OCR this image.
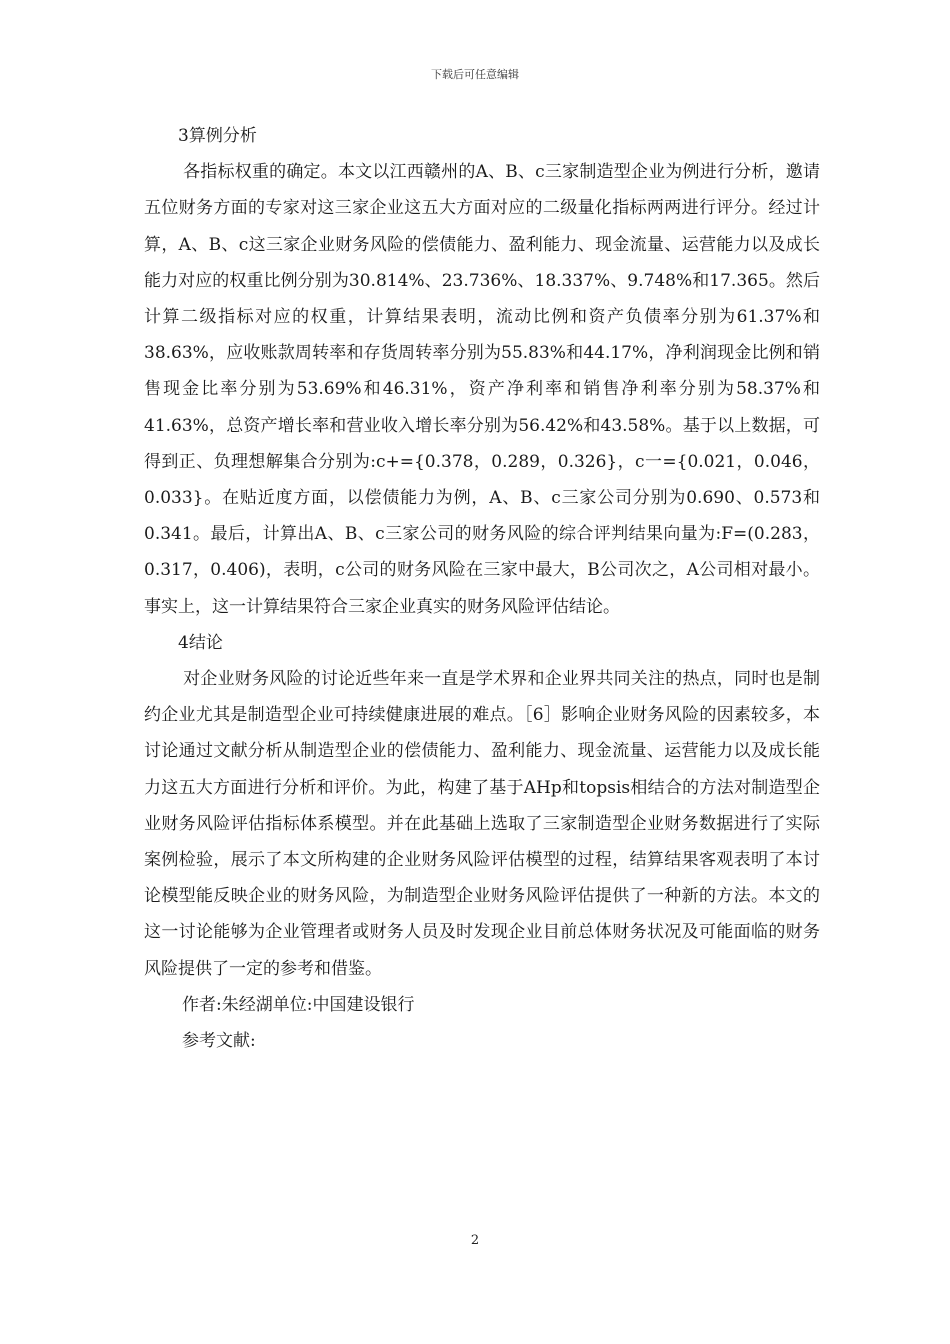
下载后可任意编辑

3算例分析

各指标权重的确定。本文以江西赣州的A、B、c三家制造型企业为例进行分析，邀请五位财务方面的专家对这三家企业这五大方面对应的二级量化指标两两进行评分。经过计算，A、B、c这三家企业财务风险的偿债能力、盈利能力、现金流量、运营能力以及成长能力对应的权重比例分别为30.814%、23.736%、18.337%、9.748%和17.365。然后计算二级指标对应的权重，计算结果表明，流动比例和资产负债率分别为61.37%和38.63%，应收账款周转率和存货周转率分别为55.83%和44.17%，净利润现金比例和销售现金比率分别为53.69%和46.31%，资产净利率和销售净利率分别为58.37%和41.63%，总资产增长率和营业收入增长率分别为56.42%和43.58%。基于以上数据，可得到正、负理想解集合分别为:c+={0.378，0.289，0.326}，c一={0.021，0.046，0.033}。在贴近度方面，以偿债能力为例，A、B、c三家公司分别为0.690、0.573和0.341。最后，计算出A、B、c三家公司的财务风险的综合评判结果向量为:F=(0.283，0.317，0.406)，表明，c公司的财务风险在三家中最大，B公司次之，A公司相对最小。事实上，这一计算结果符合三家企业真实的财务风险评估结论。

4结论

对企业财务风险的讨论近些年来一直是学术界和企业界共同关注的热点，同时也是制约企业尤其是制造型企业可持续健康进展的难点。［6］影响企业财务风险的因素较多，本讨论通过文献分析从制造型企业的偿债能力、盈利能力、现金流量、运营能力以及成长能力这五大方面进行分析和评价。为此，构建了基于AHp和topsis相结合的方法对制造型企业财务风险评估指标体系模型。并在此基础上选取了三家制造型企业财务数据进行了实际案例检验，展示了本文所构建的企业财务风险评估模型的过程，结算结果客观表明了本讨论模型能反映企业的财务风险，为制造型企业财务风险评估提供了一种新的方法。本文的这一讨论能够为企业管理者或财务人员及时发现企业目前总体财务状况及可能面临的财务风险提供了一定的参考和借鉴。

作者:朱经湖单位:中国建设银行

参考文献:

2
